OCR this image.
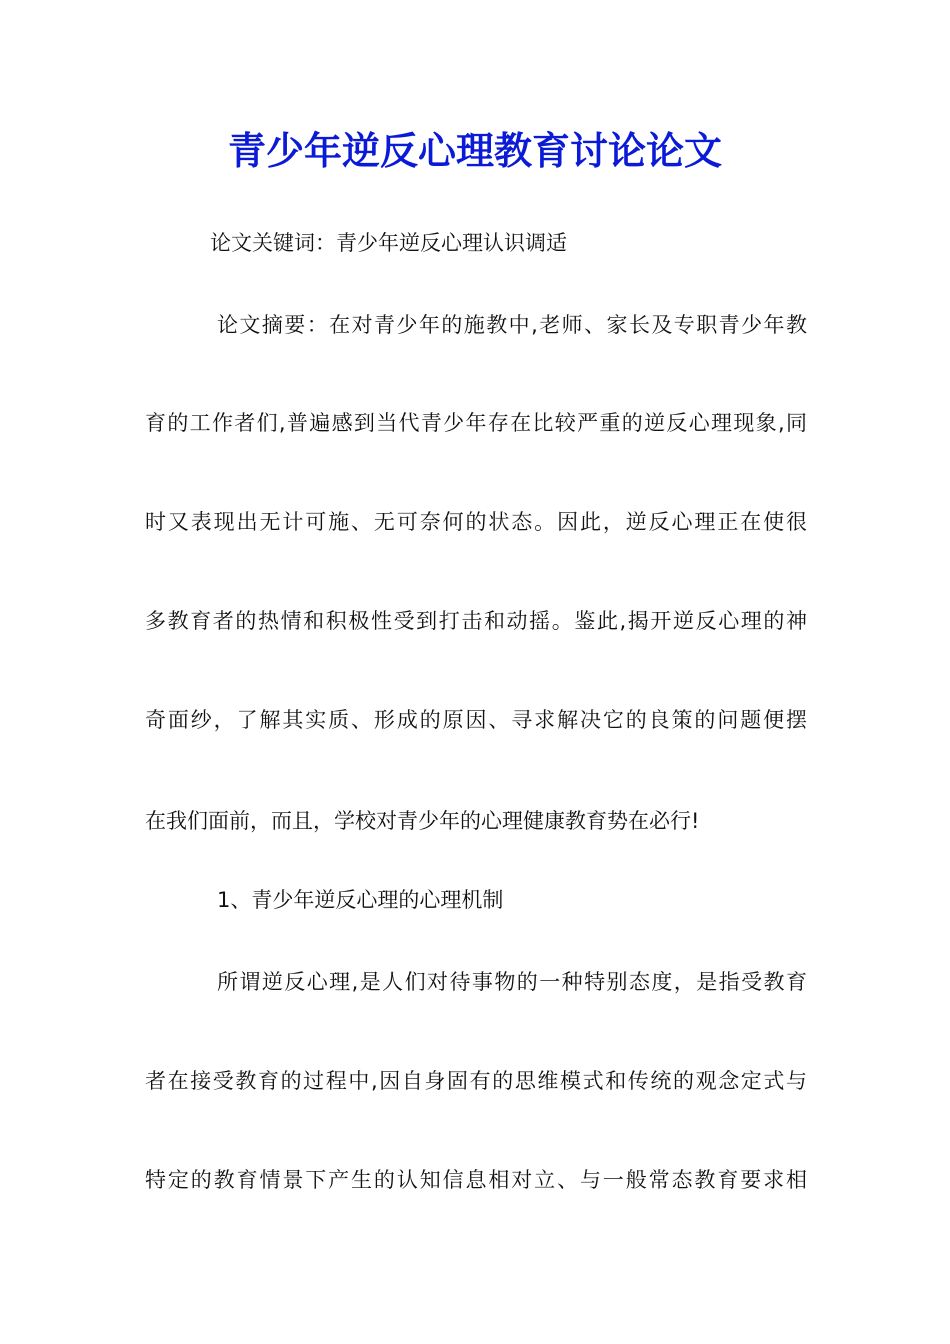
青少年逆反心理教育讨论论文
论文关键词：青少年逆反心理认识调适
论文摘要：在对青少年的施教中,老师、家长及专职青少年教
育的工作者们,普遍感到当代青少年存在比较严重的逆反心理现象,同
时又表现出无计可施、无可奈何的状态。因此，逆反心理正在使很
多教育者的热情和积极性受到打击和动摇。鉴此,揭开逆反心理的神
奇面纱，了解其实质、形成的原因、寻求解决它的良策的问题便摆
在我们面前，而且，学校对青少年的心理健康教育势在必行!
1、青少年逆反心理的心理机制
所谓逆反心理,是人们对待事物的一种特别态度，是指受教育
者在接受教育的过程中,因自身固有的思维模式和传统的观念定式与
特定的教育情景下产生的认知信息相对立、与一般常态教育要求相
